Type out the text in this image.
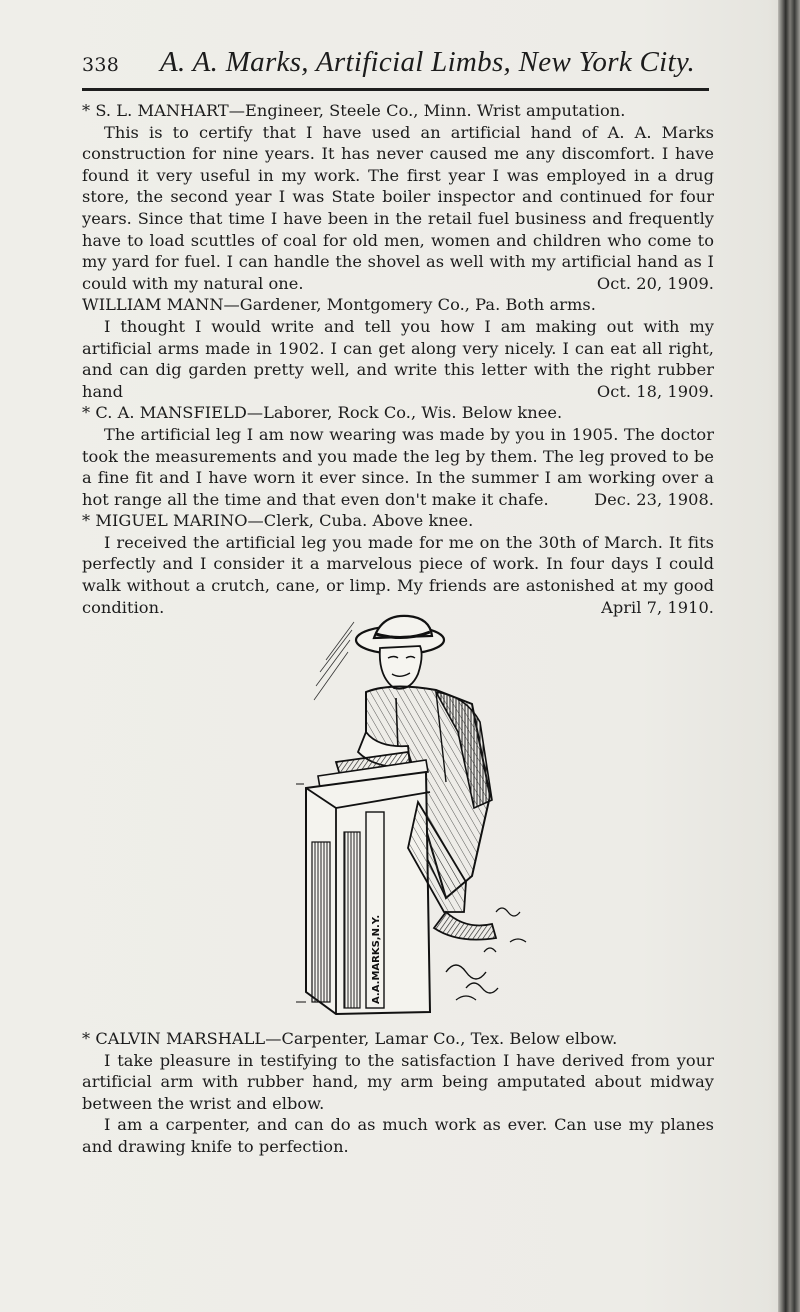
338 A. A. Marks, Artificial Limbs, New York City.

* S. L. MANHART—Engineer, Steele Co., Minn. Wrist amputation.

This is to certify that I have used an artificial hand of A. A. Marks construction for nine years. It has never caused me any discomfort. I have found it very useful in my work. The first year I was employed in a drug store, the second year I was State boiler inspector and continued for four years. Since that time I have been in the retail fuel business and frequently have to load scuttles of coal for old men, women and children who come to my yard for fuel. I can handle the shovel as well with my artificial hand as I could with my natural one.	Oct. 20, 1909.

WILLIAM MANN—Gardener, Montgomery Co., Pa. Both arms.

I thought I would write and tell you how I am making out with my artificial arms made in 1902. I can get along very nicely. I can eat all right, and can dig garden pretty well, and write this letter with the right rubber hand	Oct. 18, 1909.

* C. A. MANSFIELD—Laborer, Rock Co., Wis. Below knee.

The artificial leg I am now wearing was made by you in 1905. The doctor took the measurements and you made the leg by them. The leg proved to be a fine fit and I have worn it ever since. In the summer I am working over a hot range all the time and that even don't make it chafe.	Dec. 23, 1908.

* MIGUEL MARINO—Clerk, Cuba. Above knee.

I received the artificial leg you made for me on the 30th of March. It fits perfectly and I consider it a marvelous piece of work. In four days I could walk without a crutch, cane, or limp. My friends are astonished at my good condition.	April 7, 1910.

A.A.MARKS,N.Y.

* CALVIN MARSHALL—Carpenter, Lamar Co., Tex. Below elbow.

I take pleasure in testifying to the satisfaction I have derived from your artificial arm with rubber hand, my arm being amputated about midway between the wrist and elbow.

I am a carpenter, and can do as much work as ever. Can use my planes and drawing knife to perfection.
